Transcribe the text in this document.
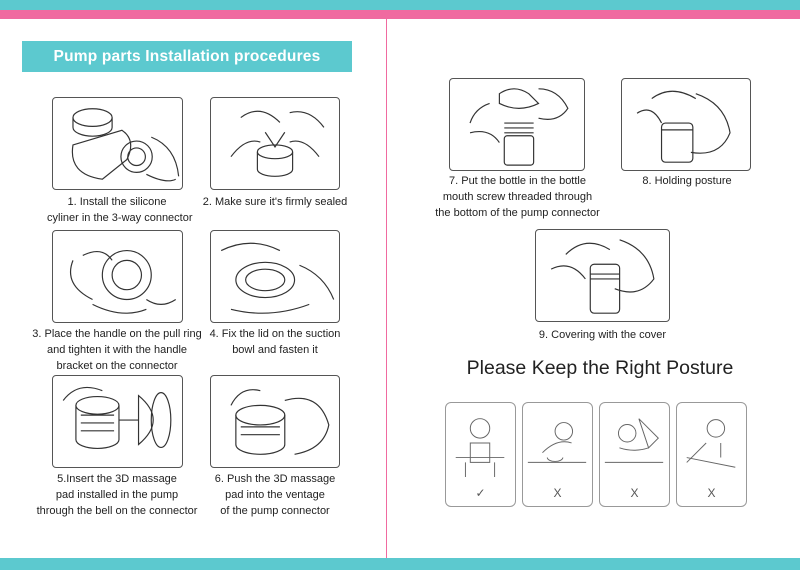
Pump parts Installation procedures
1. Install the silicone
cyliner in the 3-way connector
2. Make sure it's firmly sealed
3. Place the handle on the pull ring
and tighten it with the handle
bracket on the connector
4. Fix the lid on the suction
bowl and fasten it
5.Insert the 3D massage
pad installed in the pump
through the bell on the connector
6. Push the 3D massage
pad into the ventage
of the pump connector
7. Put the bottle in the bottle
mouth screw threaded through
the bottom of the pump connector
8. Holding posture
9. Covering with the cover
Please Keep the Right Posture
✓	X	X	X
